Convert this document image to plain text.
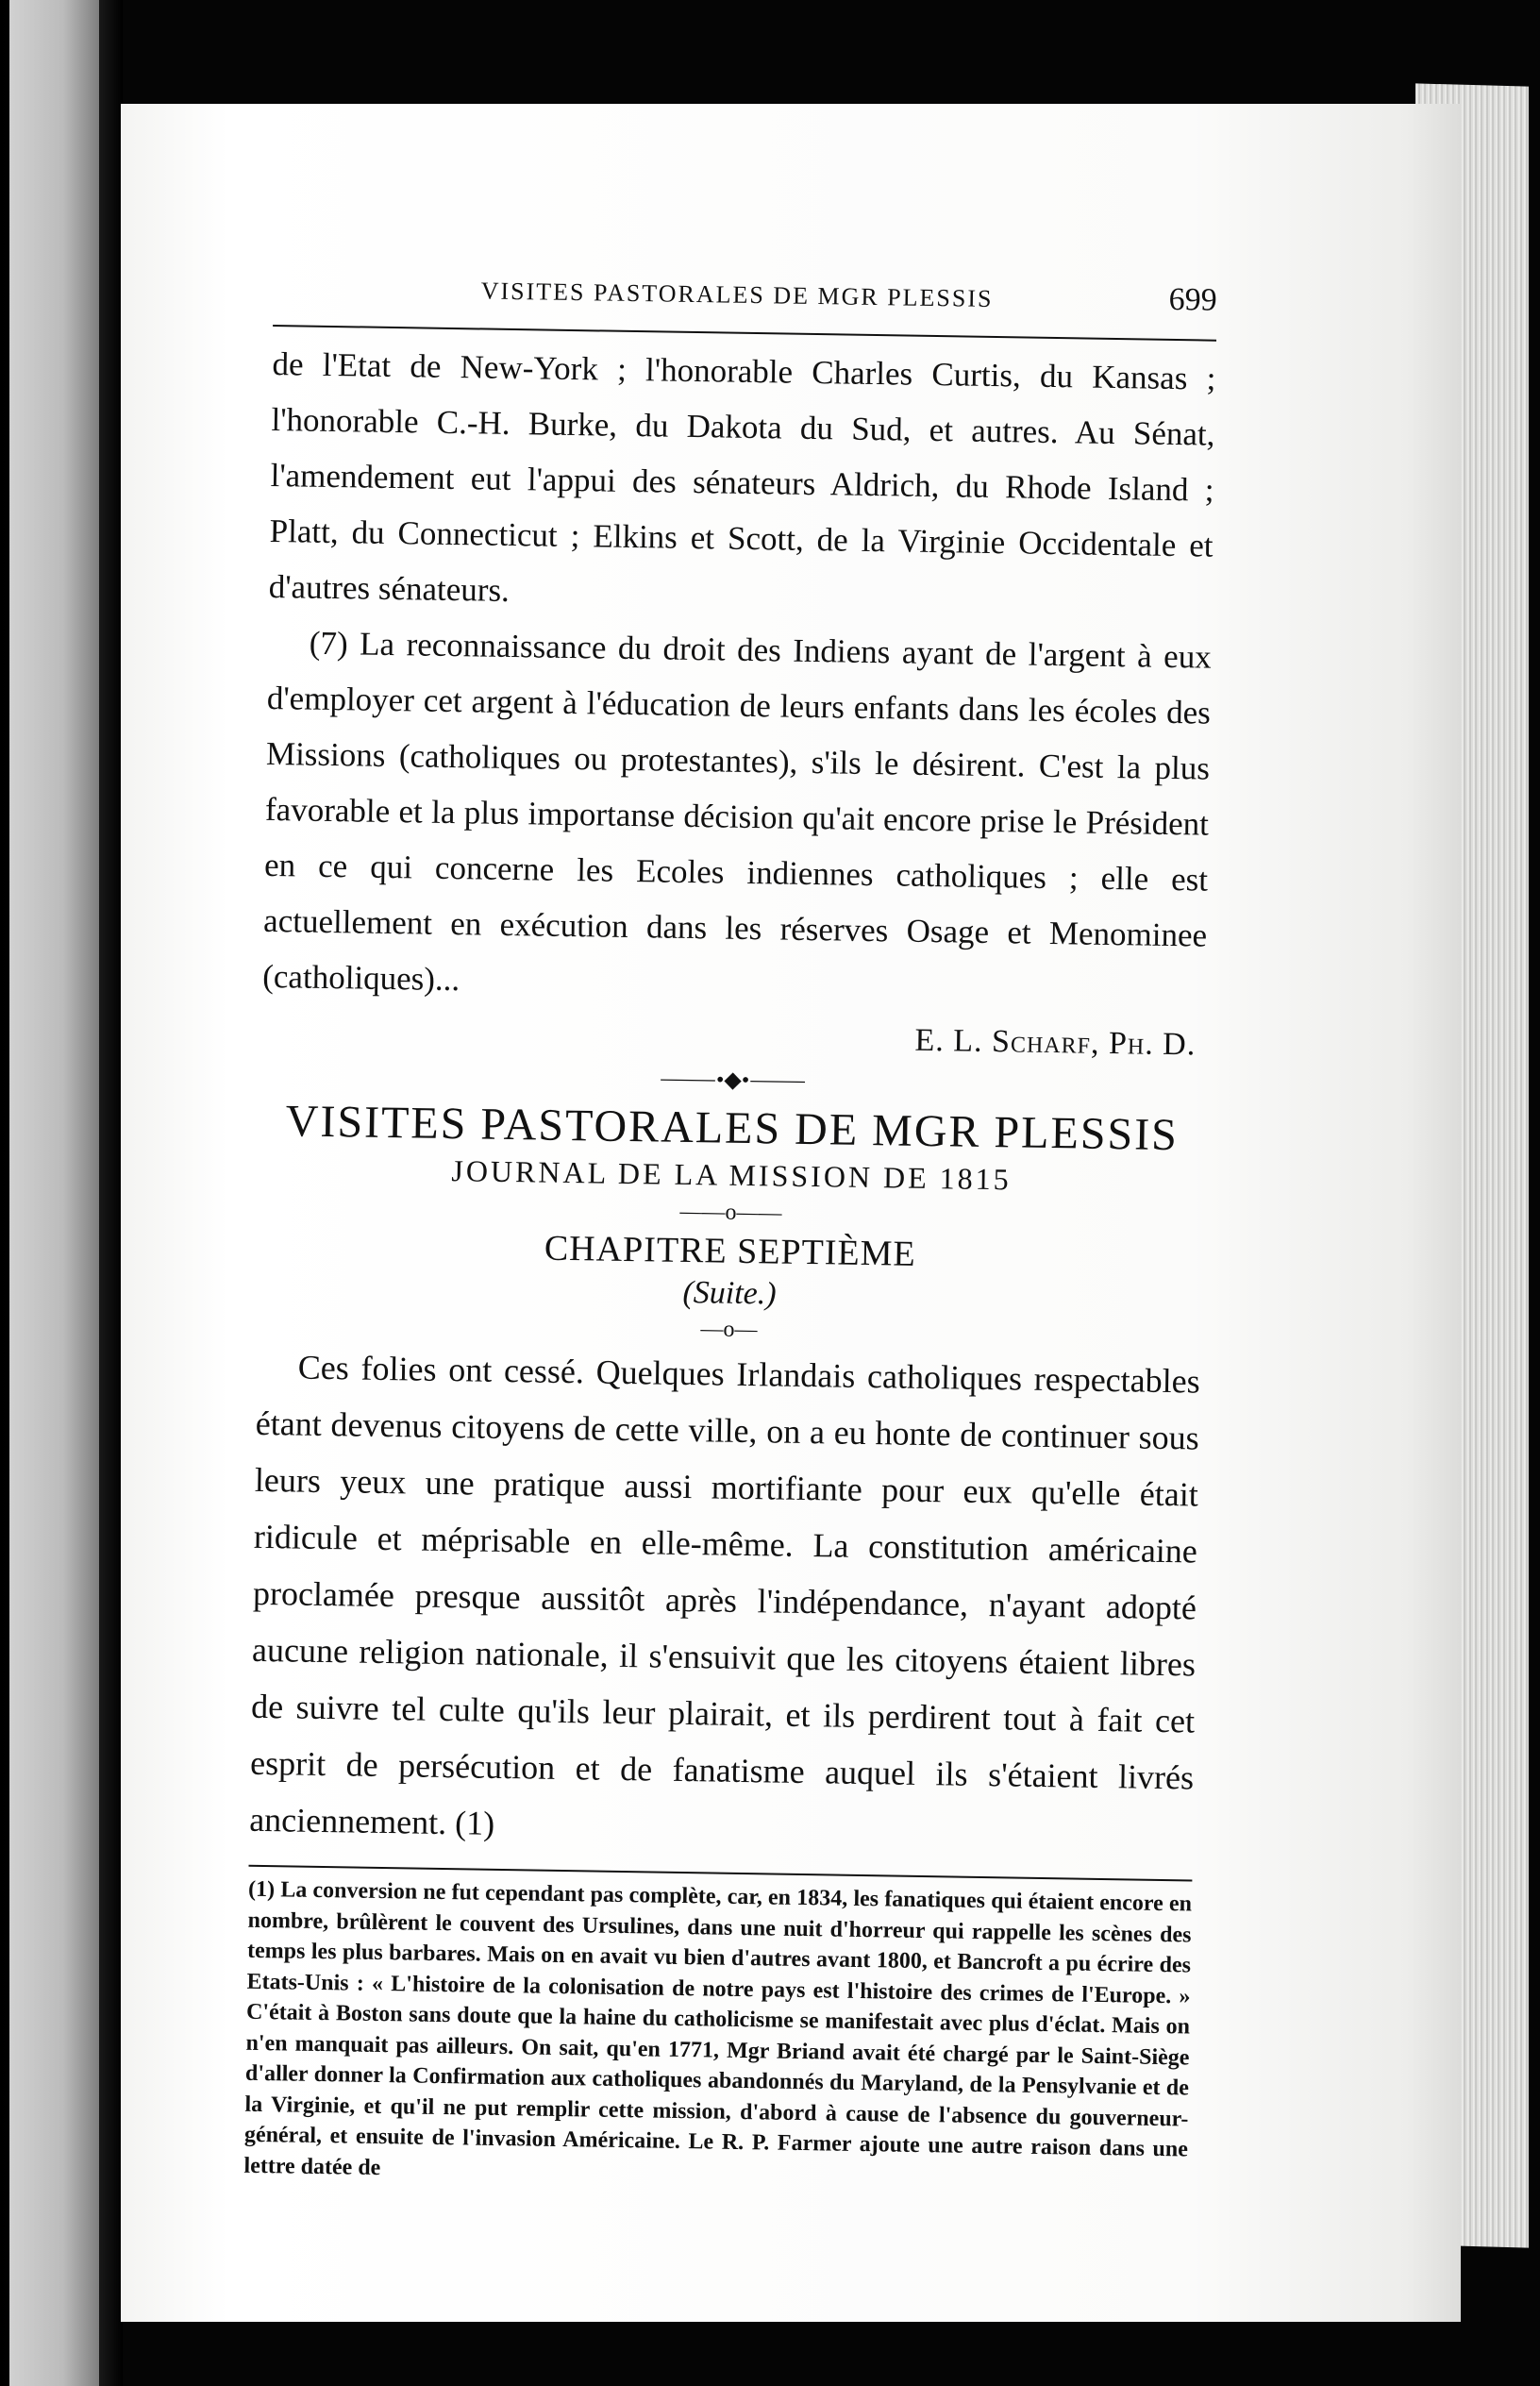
VISITES PASTORALES DE MGR PLESSIS	699

de l'Etat de New-York ; l'honorable Charles Curtis, du Kansas ; l'honorable C.-H. Burke, du Dakota du Sud, et autres. Au Sénat, l'amendement eut l'appui des sénateurs Aldrich, du Rhode Island ; Platt, du Connecticut ; Elkins et Scott, de la Virginie Occidentale et d'autres sénateurs.

(7) La reconnaissance du droit des Indiens ayant de l'argent à eux d'employer cet argent à l'éducation de leurs enfants dans les écoles des Missions (catholiques ou protestantes), s'ils le désirent. C'est la plus favorable et la plus importanse décision qu'ait encore prise le Président en ce qui concerne les Ecoles indiennes catholiques ; elle est actuellement en exécution dans les réserves Osage et Menominee (catholiques)...

E. L. Scharf, Ph. D.

⸻•◆•⸻
VISITES PASTORALES DE MGR PLESSIS
JOURNAL DE LA MISSION DE 1815
——o——
CHAPITRE SEPTIÈME
(Suite.)
—o—

Ces folies ont cessé. Quelques Irlandais catholiques respectables étant devenus citoyens de cette ville, on a eu honte de continuer sous leurs yeux une pratique aussi mortifiante pour eux qu'elle était ridicule et méprisable en elle-même. La constitution américaine proclamée presque aussitôt après l'indépendance, n'ayant adopté aucune religion nationale, il s'ensuivit que les citoyens étaient libres de suivre tel culte qu'ils leur plairait, et ils perdirent tout à fait cet esprit de persécution et de fanatisme auquel ils s'étaient livrés anciennement. (1)

(1) La conversion ne fut cependant pas complète, car, en 1834, les fanatiques qui étaient encore en nombre, brûlèrent le couvent des Ursulines, dans une nuit d'horreur qui rappelle les scènes des temps les plus barbares. Mais on en avait vu bien d'autres avant 1800, et Bancroft a pu écrire des Etats-Unis : « L'histoire de la colonisation de notre pays est l'histoire des crimes de l'Europe. » C'était à Boston sans doute que la haine du catholicisme se manifestait avec plus d'éclat. Mais on n'en manquait pas ailleurs. On sait, qu'en 1771, Mgr Briand avait été chargé par le Saint-Siège d'aller donner la Confirmation aux catholiques abandonnés du Maryland, de la Pensylvanie et de la Virginie, et qu'il ne put remplir cette mission, d'abord à cause de l'absence du gouverneur-général, et ensuite de l'invasion Américaine. Le R. P. Farmer ajoute une autre raison dans une lettre datée de
